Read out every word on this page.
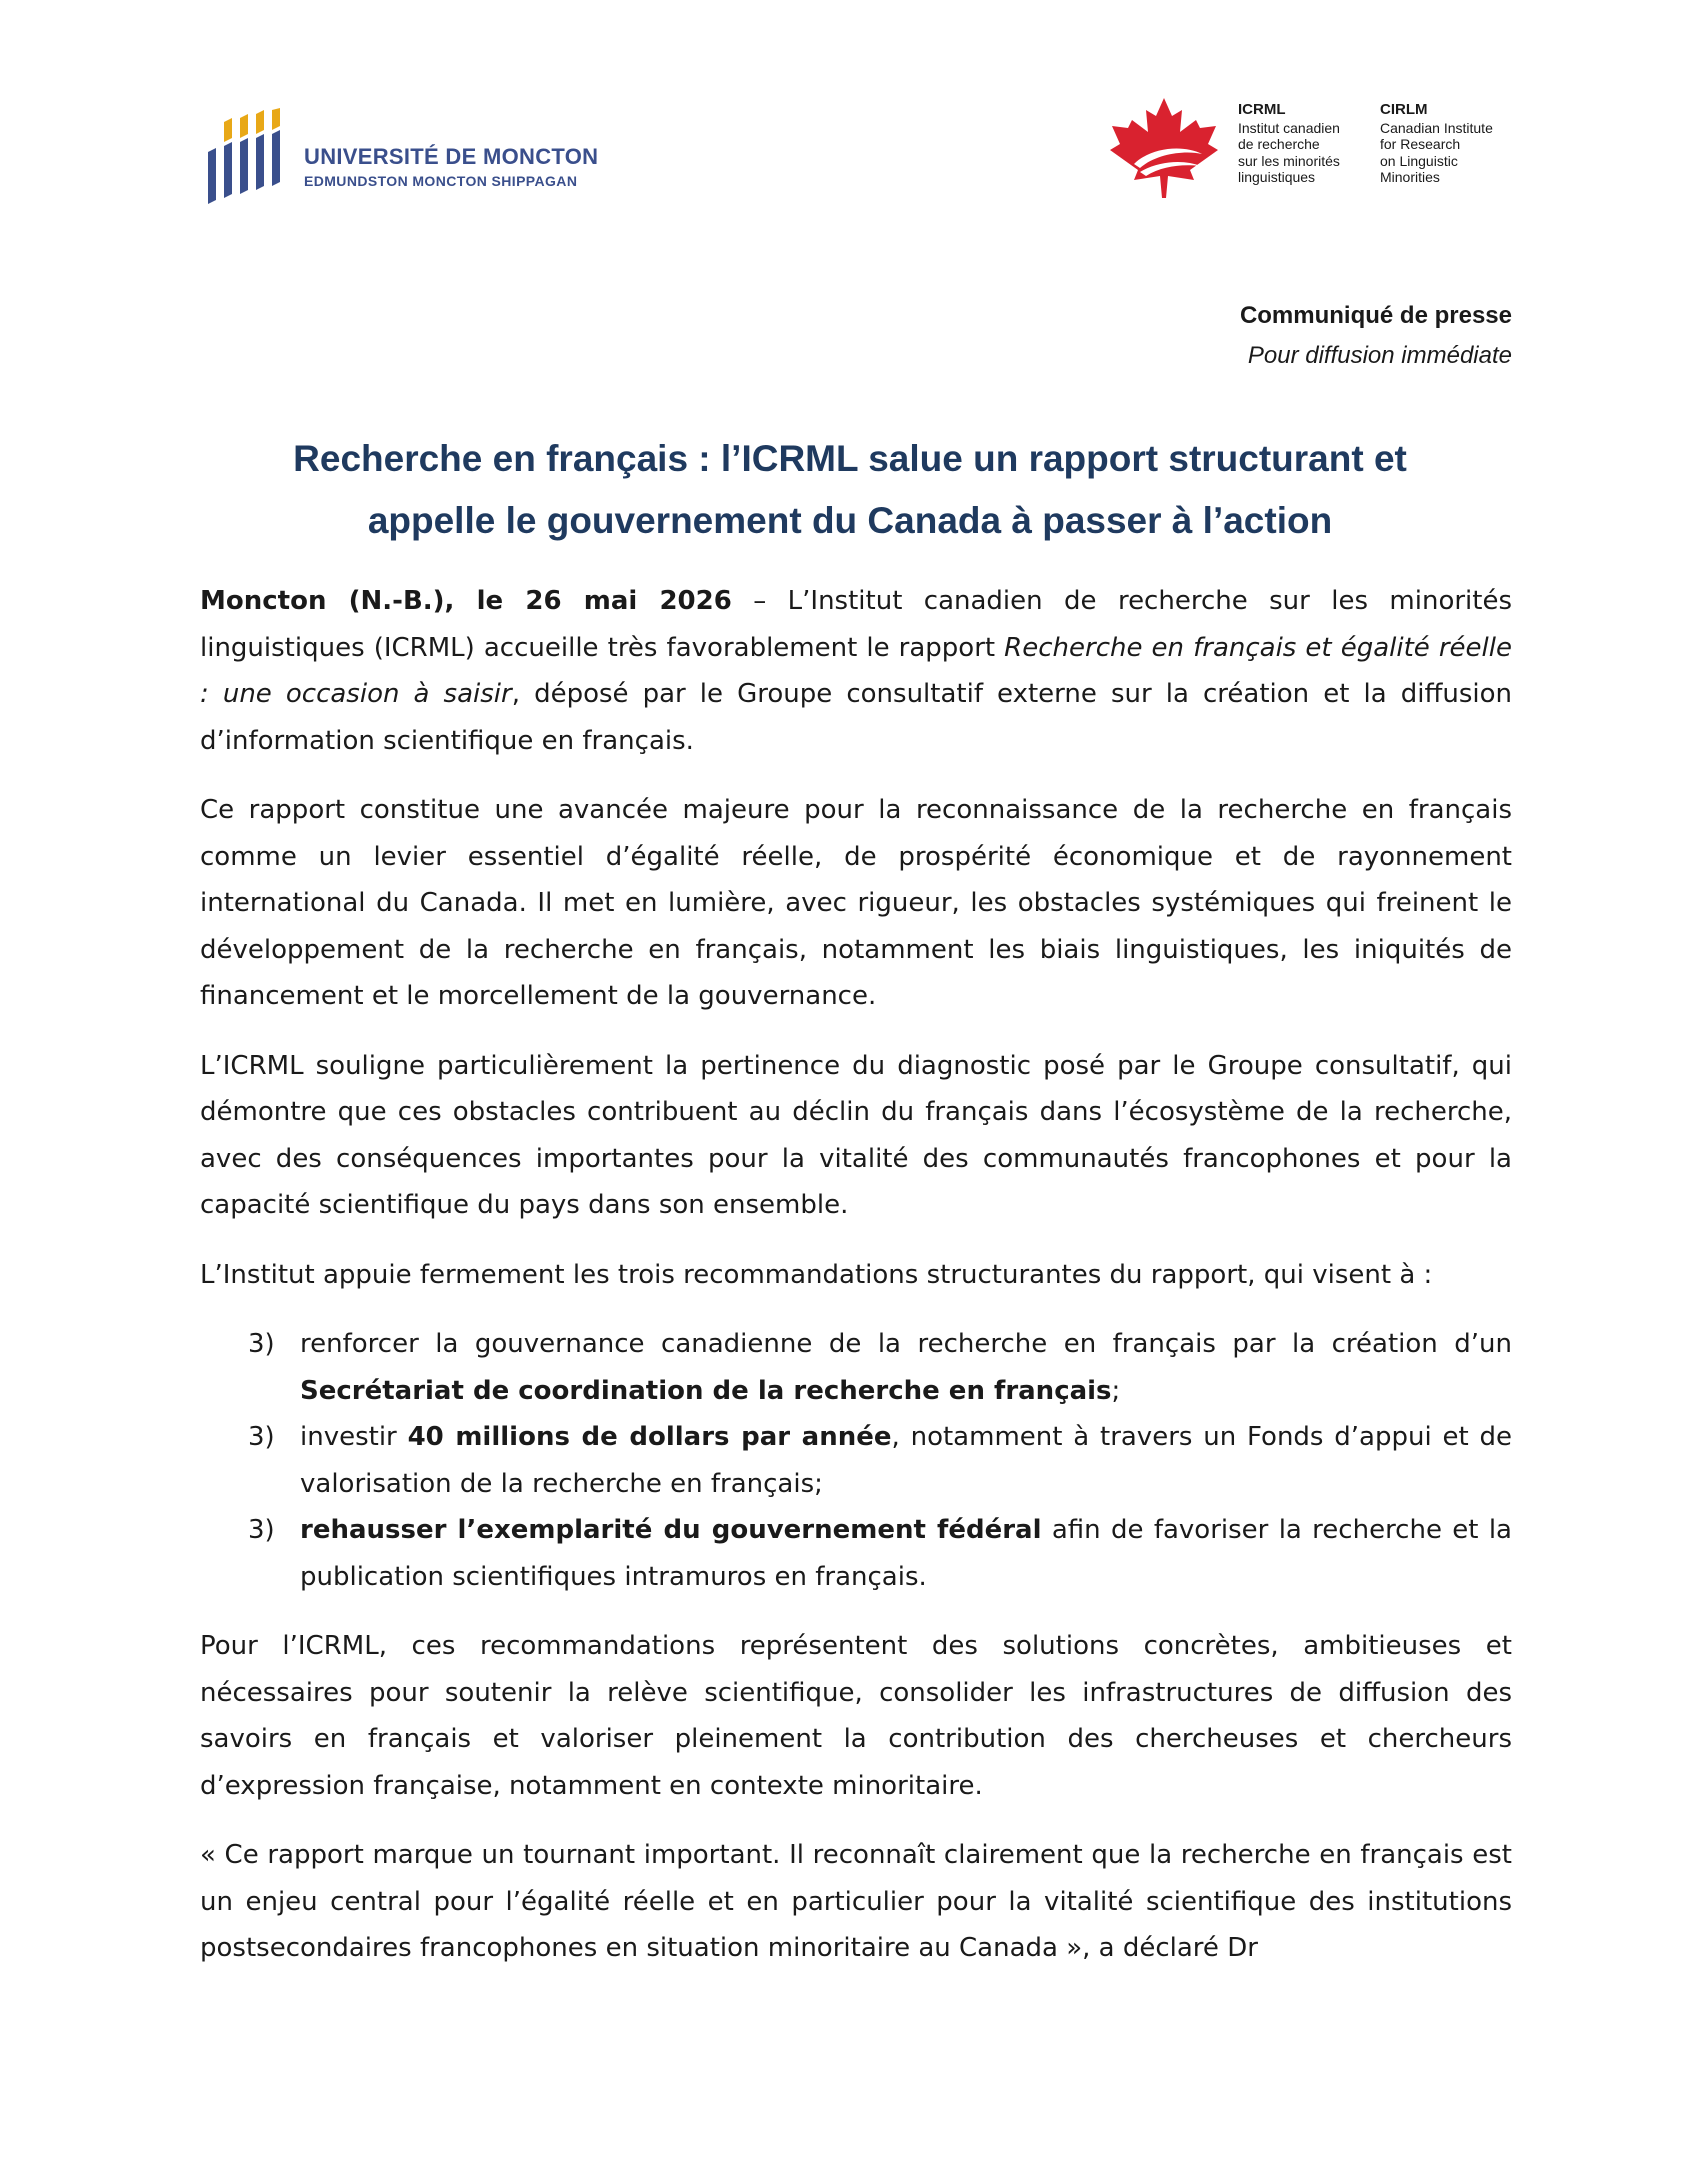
UNIVERSITÉ DE MONCTON
EDMUNDSTON MONCTON SHIPPAGAN
ICRML
Institut canadien
de recherche
sur les minorités
linguistiques
CIRLM
Canadian Institute
for Research
on Linguistic
Minorities
Communiqué de presse
Pour diffusion immédiate
Recherche en français : l’ICRML salue un rapport structurant et
appelle le gouvernement du Canada à passer à l’action

Moncton (N.-B.), le 26 mai 2026 – L’Institut canadien de recherche sur les minorités linguistiques (ICRML) accueille très favorablement le rapport Recherche en français et égalité réelle : une occasion à saisir, déposé par le Groupe consultatif externe sur la création et la diffusion d’information scientifique en français.

Ce rapport constitue une avancée majeure pour la reconnaissance de la recherche en français comme un levier essentiel d’égalité réelle, de prospérité économique et de rayonnement international du Canada. Il met en lumière, avec rigueur, les obstacles systémiques qui freinent le développement de la recherche en français, notamment les biais linguistiques, les iniquités de financement et le morcellement de la gouvernance.

L’ICRML souligne particulièrement la pertinence du diagnostic posé par le Groupe consultatif, qui démontre que ces obstacles contribuent au déclin du français dans l’écosystème de la recherche, avec des conséquences importantes pour la vitalité des communautés francophones et pour la capacité scientifique du pays dans son ensemble.

L’Institut appuie fermement les trois recommandations structurantes du rapport, qui visent à :

3) renforcer la gouvernance canadienne de la recherche en français par la création d’un Secrétariat de coordination de la recherche en français;
3) investir 40 millions de dollars par année, notamment à travers un Fonds d’appui et de valorisation de la recherche en français;
3) rehausser l’exemplarité du gouvernement fédéral afin de favoriser la recherche et la publication scientifiques intramuros en français.

Pour l’ICRML, ces recommandations représentent des solutions concrètes, ambitieuses et nécessaires pour soutenir la relève scientifique, consolider les infrastructures de diffusion des savoirs en français et valoriser pleinement la contribution des chercheuses et chercheurs d’expression française, notamment en contexte minoritaire.

« Ce rapport marque un tournant important. Il reconnaît clairement que la recherche en français est un enjeu central pour l’égalité réelle et en particulier pour la vitalité scientifique des institutions postsecondaires francophones en situation minoritaire au Canada », a déclaré Dr
